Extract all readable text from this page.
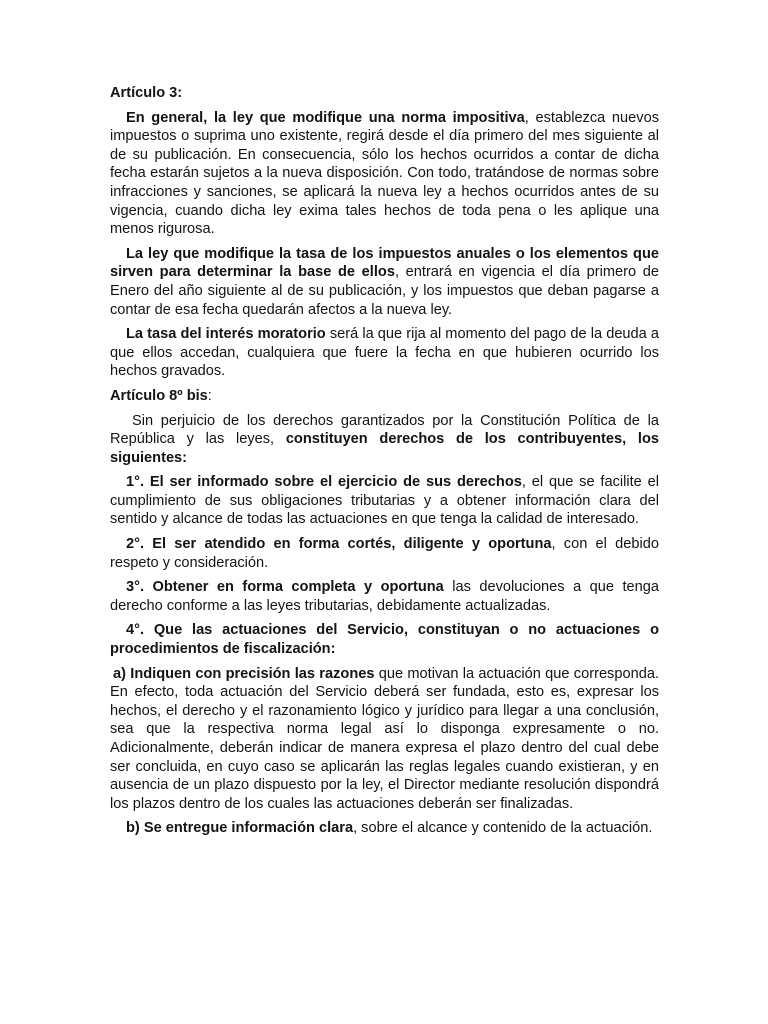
Artículo 3:

En general, la ley que modifique una norma impositiva, establezca nuevos impuestos o suprima uno existente, regirá desde el día primero del mes siguiente al de su publicación. En consecuencia, sólo los hechos ocurridos a contar de dicha fecha estarán sujetos a la nueva disposición. Con todo, tratándose de normas sobre infracciones y sanciones, se aplicará la nueva ley a hechos ocurridos antes de su vigencia, cuando dicha ley exima tales hechos de toda pena o les aplique una menos rigurosa.

La ley que modifique la tasa de los impuestos anuales o los elementos que sirven para determinar la base de ellos, entrará en vigencia el día primero de Enero del año siguiente al de su publicación, y los impuestos que deban pagarse a contar de esa fecha quedarán afectos a la nueva ley.

La tasa del interés moratorio será la que rija al momento del pago de la deuda a que ellos accedan, cualquiera que fuere la fecha en que hubieren ocurrido los hechos gravados.

Artículo 8º bis:

Sin perjuicio de los derechos garantizados por la Constitución Política de la República y las leyes, constituyen derechos de los contribuyentes, los siguientes:

1°. El ser informado sobre el ejercicio de sus derechos, el que se facilite el cumplimiento de sus obligaciones tributarias y a obtener información clara del sentido y alcance de todas las actuaciones en que tenga la calidad de interesado.

2°. El ser atendido en forma cortés, diligente y oportuna, con el debido respeto y consideración.

3°. Obtener en forma completa y oportuna las devoluciones a que tenga derecho conforme a las leyes tributarias, debidamente actualizadas.

4°. Que las actuaciones del Servicio, constituyan o no actuaciones o procedimientos de fiscalización:

a) Indiquen con precisión las razones que motivan la actuación que corresponda. En efecto, toda actuación del Servicio deberá ser fundada, esto es, expresar los hechos, el derecho y el razonamiento lógico y jurídico para llegar a una conclusión, sea que la respectiva norma legal así lo disponga expresamente o no. Adicionalmente, deberán indicar de manera expresa el plazo dentro del cual debe ser concluida, en cuyo caso se aplicarán las reglas legales cuando existieran, y en ausencia de un plazo dispuesto por la ley, el Director mediante resolución dispondrá los plazos dentro de los cuales las actuaciones deberán ser finalizadas.

b) Se entregue información clara, sobre el alcance y contenido de la actuación.
